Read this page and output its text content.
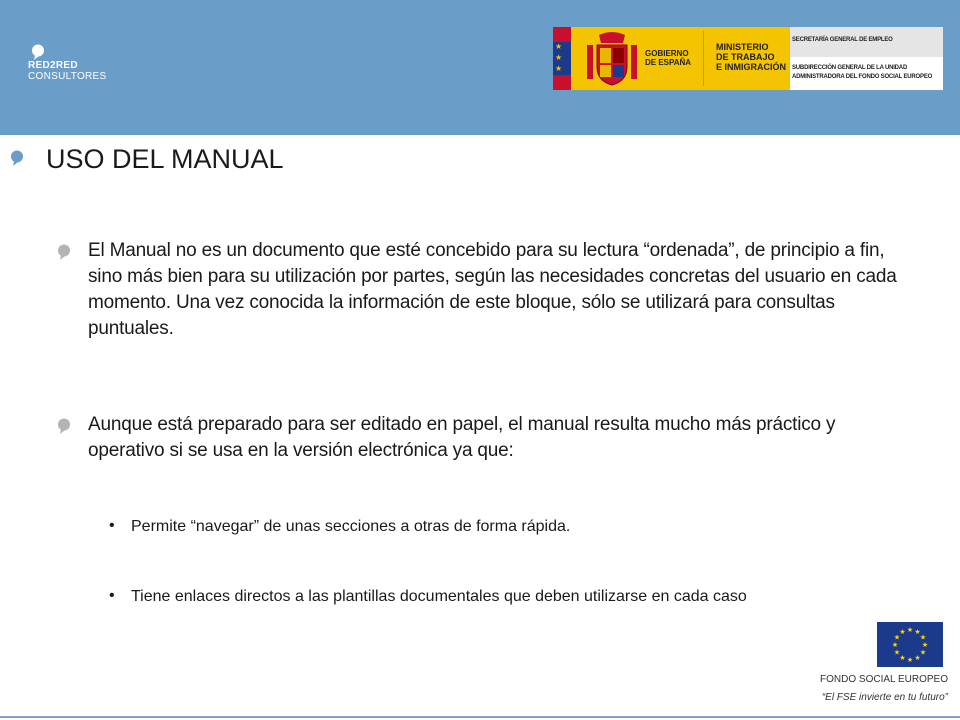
RED2RED
CONSULTORES
★
★
★
GOBIERNO
DE ESPAÑA
MINISTERIO
DE TRABAJO
E INMIGRACIÓN
SECRETARÍA GENERAL DE EMPLEO
SUBDIRECCIÓN GENERAL DE LA UNIDAD
ADMINISTRADORA DEL FONDO SOCIAL EUROPEO
USO DEL MANUAL
El Manual no es un documento que esté concebido para su lectura “ordenada”, de principio a fin, sino más bien para su utilización por partes, según las necesidades concretas del usuario en cada momento. Una vez conocida la información de este bloque, sólo se utilizará para consultas puntuales.
Aunque está preparado para ser editado en papel, el manual resulta mucho más práctico y operativo si se usa en la versión electrónica ya que:
• Permite “navegar” de unas secciones a otras de forma rápida.
• Tiene enlaces directos a las plantillas documentales que deben utilizarse en cada caso
★ ★
★
★
★
★
★
★
★
★
★
★
FONDO SOCIAL EUROPEO
“El FSE invierte en tu futuro”
